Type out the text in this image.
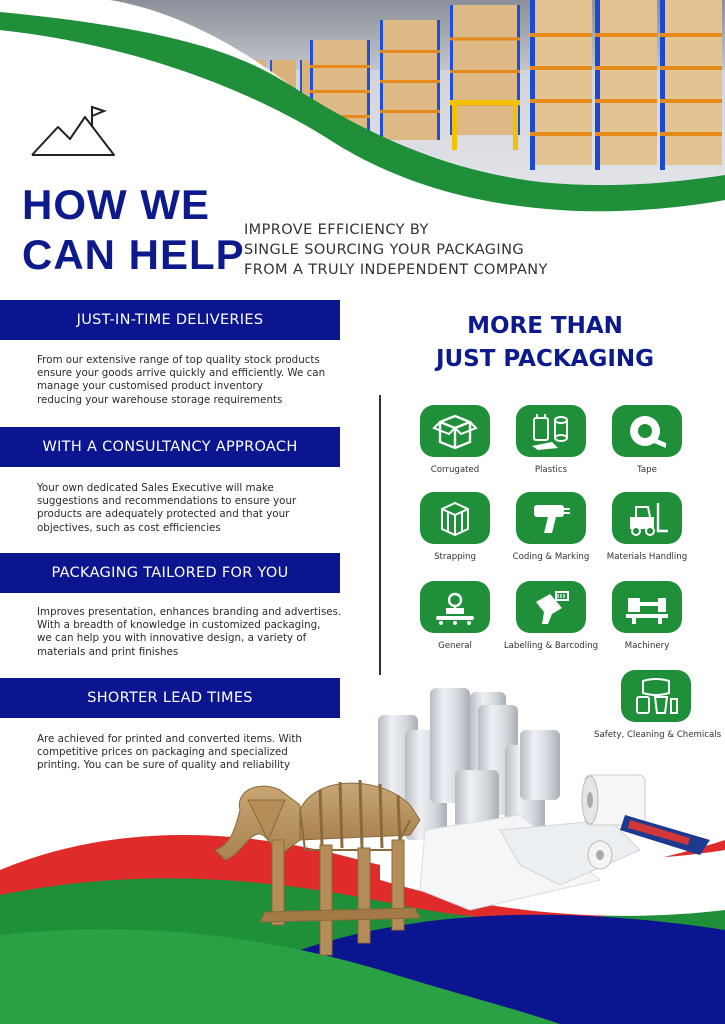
HOW WE
CAN HELP
IMPROVE EFFICIENCY BY
SINGLE SOURCING YOUR PACKAGING
FROM A TRULY INDEPENDENT COMPANY
JUST-IN-TIME DELIVERIES
From our extensive range of top quality stock products
ensure your goods arrive quickly and efficiently. We can
manage your customised product inventory
reducing your warehouse storage requirements
WITH A CONSULTANCY APPROACH
Your own dedicated Sales Executive will make
suggestions and recommendations to ensure your
products are adequately protected and that your
objectives, such as cost efficiencies
PACKAGING TAILORED FOR YOU
Improves presentation, enhances branding and advertises.
With a breadth of knowledge in customized packaging,
we can help you with innovative design, a variety of
materials and print finishes
SHORTER LEAD TIMES
Are achieved for printed and converted items. With
competitive prices on packaging and specialized
printing. You can be sure of quality and reliability
MORE THAN
JUST PACKAGING
Corrugated	Plastics	Tape
Strapping	Coding & Marking	Materials Handling
General	Labelling & Barcoding	Machinery
Safety, Cleaning & Chemicals
